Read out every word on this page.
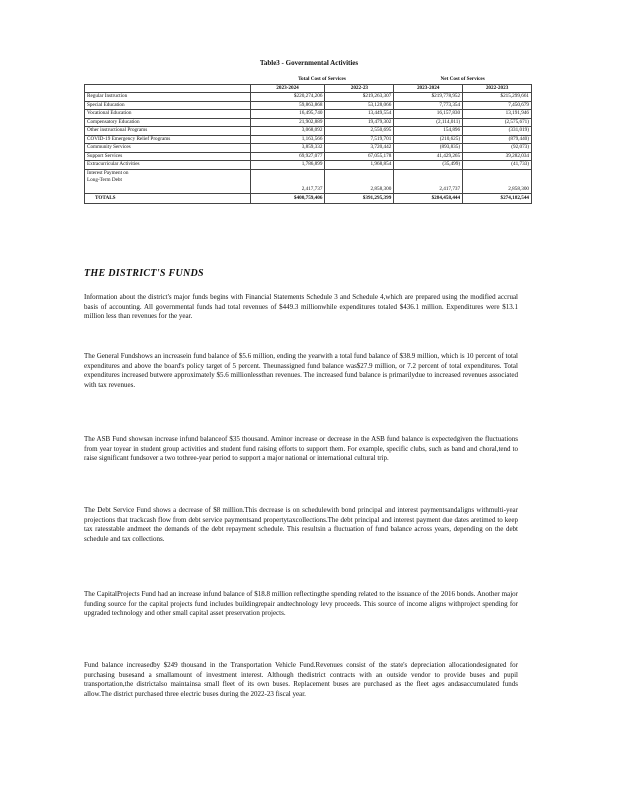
Table3 - Governmental Activities
	Total Cost of Services		Net Cost of Services	
	2023-2024	2022-23	2023-2024	2022-2023
Regular Instruction	$220,274,206	$219,263,307	$219,778,952	$215,299,661
Special Education	59,863,868	53,128,066	7,773,354	7,450,679
Vocational Education	16,495,740	13,449,554	16,157,830	13,191,946
Compensatory Education	21,902,889	19,479,302	(2,114,011)	(2,575,671)
Other instructional Programs	3,068,092	2,550,695	154,896	(331,019)
COVID-19 Emergency Relief Programs	1,163,566	7,519,701	(210,625)	(879,440)
Community Services	3,859,332	3,720,442	(893,835)	(92,073)
Support Services	69,927,077	67,055,178	41,429,265	39,282,034
Extracurricular Activities	1,786,899	1,968,854	(35,499)	(41,733)
Interest Payment on				
Long-Term Debt	2,417,737	2,858,300	2,417,737	2,858,300
TOTALS	$400,759,406	$391,295,399	$284,458,444	$274,182,544
THE DISTRICT'S FUNDS

Information about the district's major funds begins with Financial Statements Schedule 3 and Schedule 4,which are prepared using the modified accrual basis of accounting. All governmental funds had total revenues of $449.3 millionwhile expenditures totaled $436.1 million. Expenditures were $13.1 million less than revenues for the year.

The General Fundshows an increasein fund balance of $5.6 million, ending the yearwith a total fund balance of $38.9 million, which is 10 percent of total expenditures and above the board's policy target of 5 percent. Theunassigned fund balance was$27.9 million, or 7.2 percent of total expenditures. Total expenditures increased butwere approximately $5.6 millionlessthan revenues. The increased fund balance is primarilydue to increased revenues associated with tax revenues.

The ASB Fund showsan increase infund balanceof $35 thousand. Aminor increase or decrease in the ASB fund balance is expectedgiven the fluctuations from year toyear in student group activities and student fund raising efforts to support them. For example, specific clubs, such as band and choral,tend to raise significant fundsover a two tothree-year period to support a major national or international cultural trip.

The Debt Service Fund shows a decrease of $8 million.This decrease is on schedulewith bond principal and interest paymentsandaligns withmulti-year projections that trackcash flow from debt service paymentsand propertytaxcollections.The debt principal and interest payment due dates aretimed to keep tax ratesstable andmeet the demands of the debt repayment schedule. This resultsin a fluctuation of fund balance across years, depending on the debt schedule and tax collections.

The CapitalProjects Fund had an increase infund balance of $18.8 million reflectingthe spending related to the issuance of the 2016 bonds. Another major funding source for the capital projects fund includes buildingrepair andtechnology levy proceeds. This source of income aligns withproject spending for upgraded technology and other small capital asset preservation projects.

Fund balance increasedby $249 thousand in the Transportation Vehicle Fund.Revenues consist of the state's depreciation allocationdesignated for purchasing busesand a smallamount of investment interest. Although thedistrict contracts with an outside vendor to provide buses and pupil transportation,the districtalso maintainsa small fleet of its own buses. Replacement buses are purchased as the fleet ages andasaccumulated funds allow.The district purchased three electric buses during the 2022-23 fiscal year.
